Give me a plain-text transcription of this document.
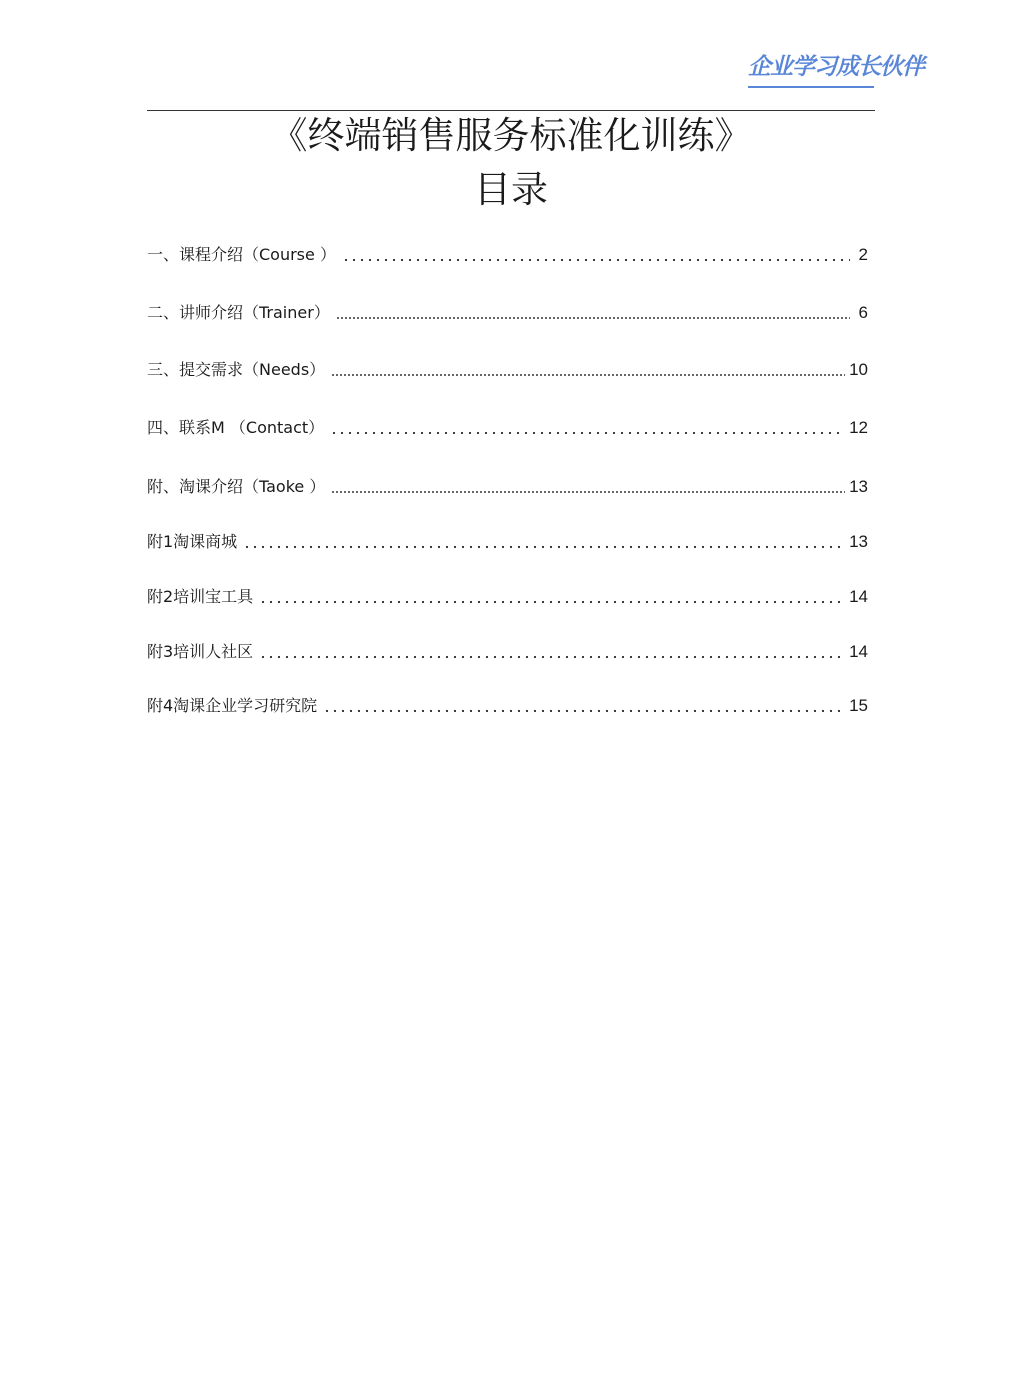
企业学习成长伙伴
《终端销售服务标准化训练》
目录
一、课程介绍（Course ）	2
二、讲师介绍（Trainer）	6
三、提交需求（Needs）	10
四、联系M （Contact）	12
附、淘课介绍（Taoke ）	13
附1淘课商城	13
附2培训宝工具	14
附3培训人社区	14
附4淘课企业学习研究院	15
